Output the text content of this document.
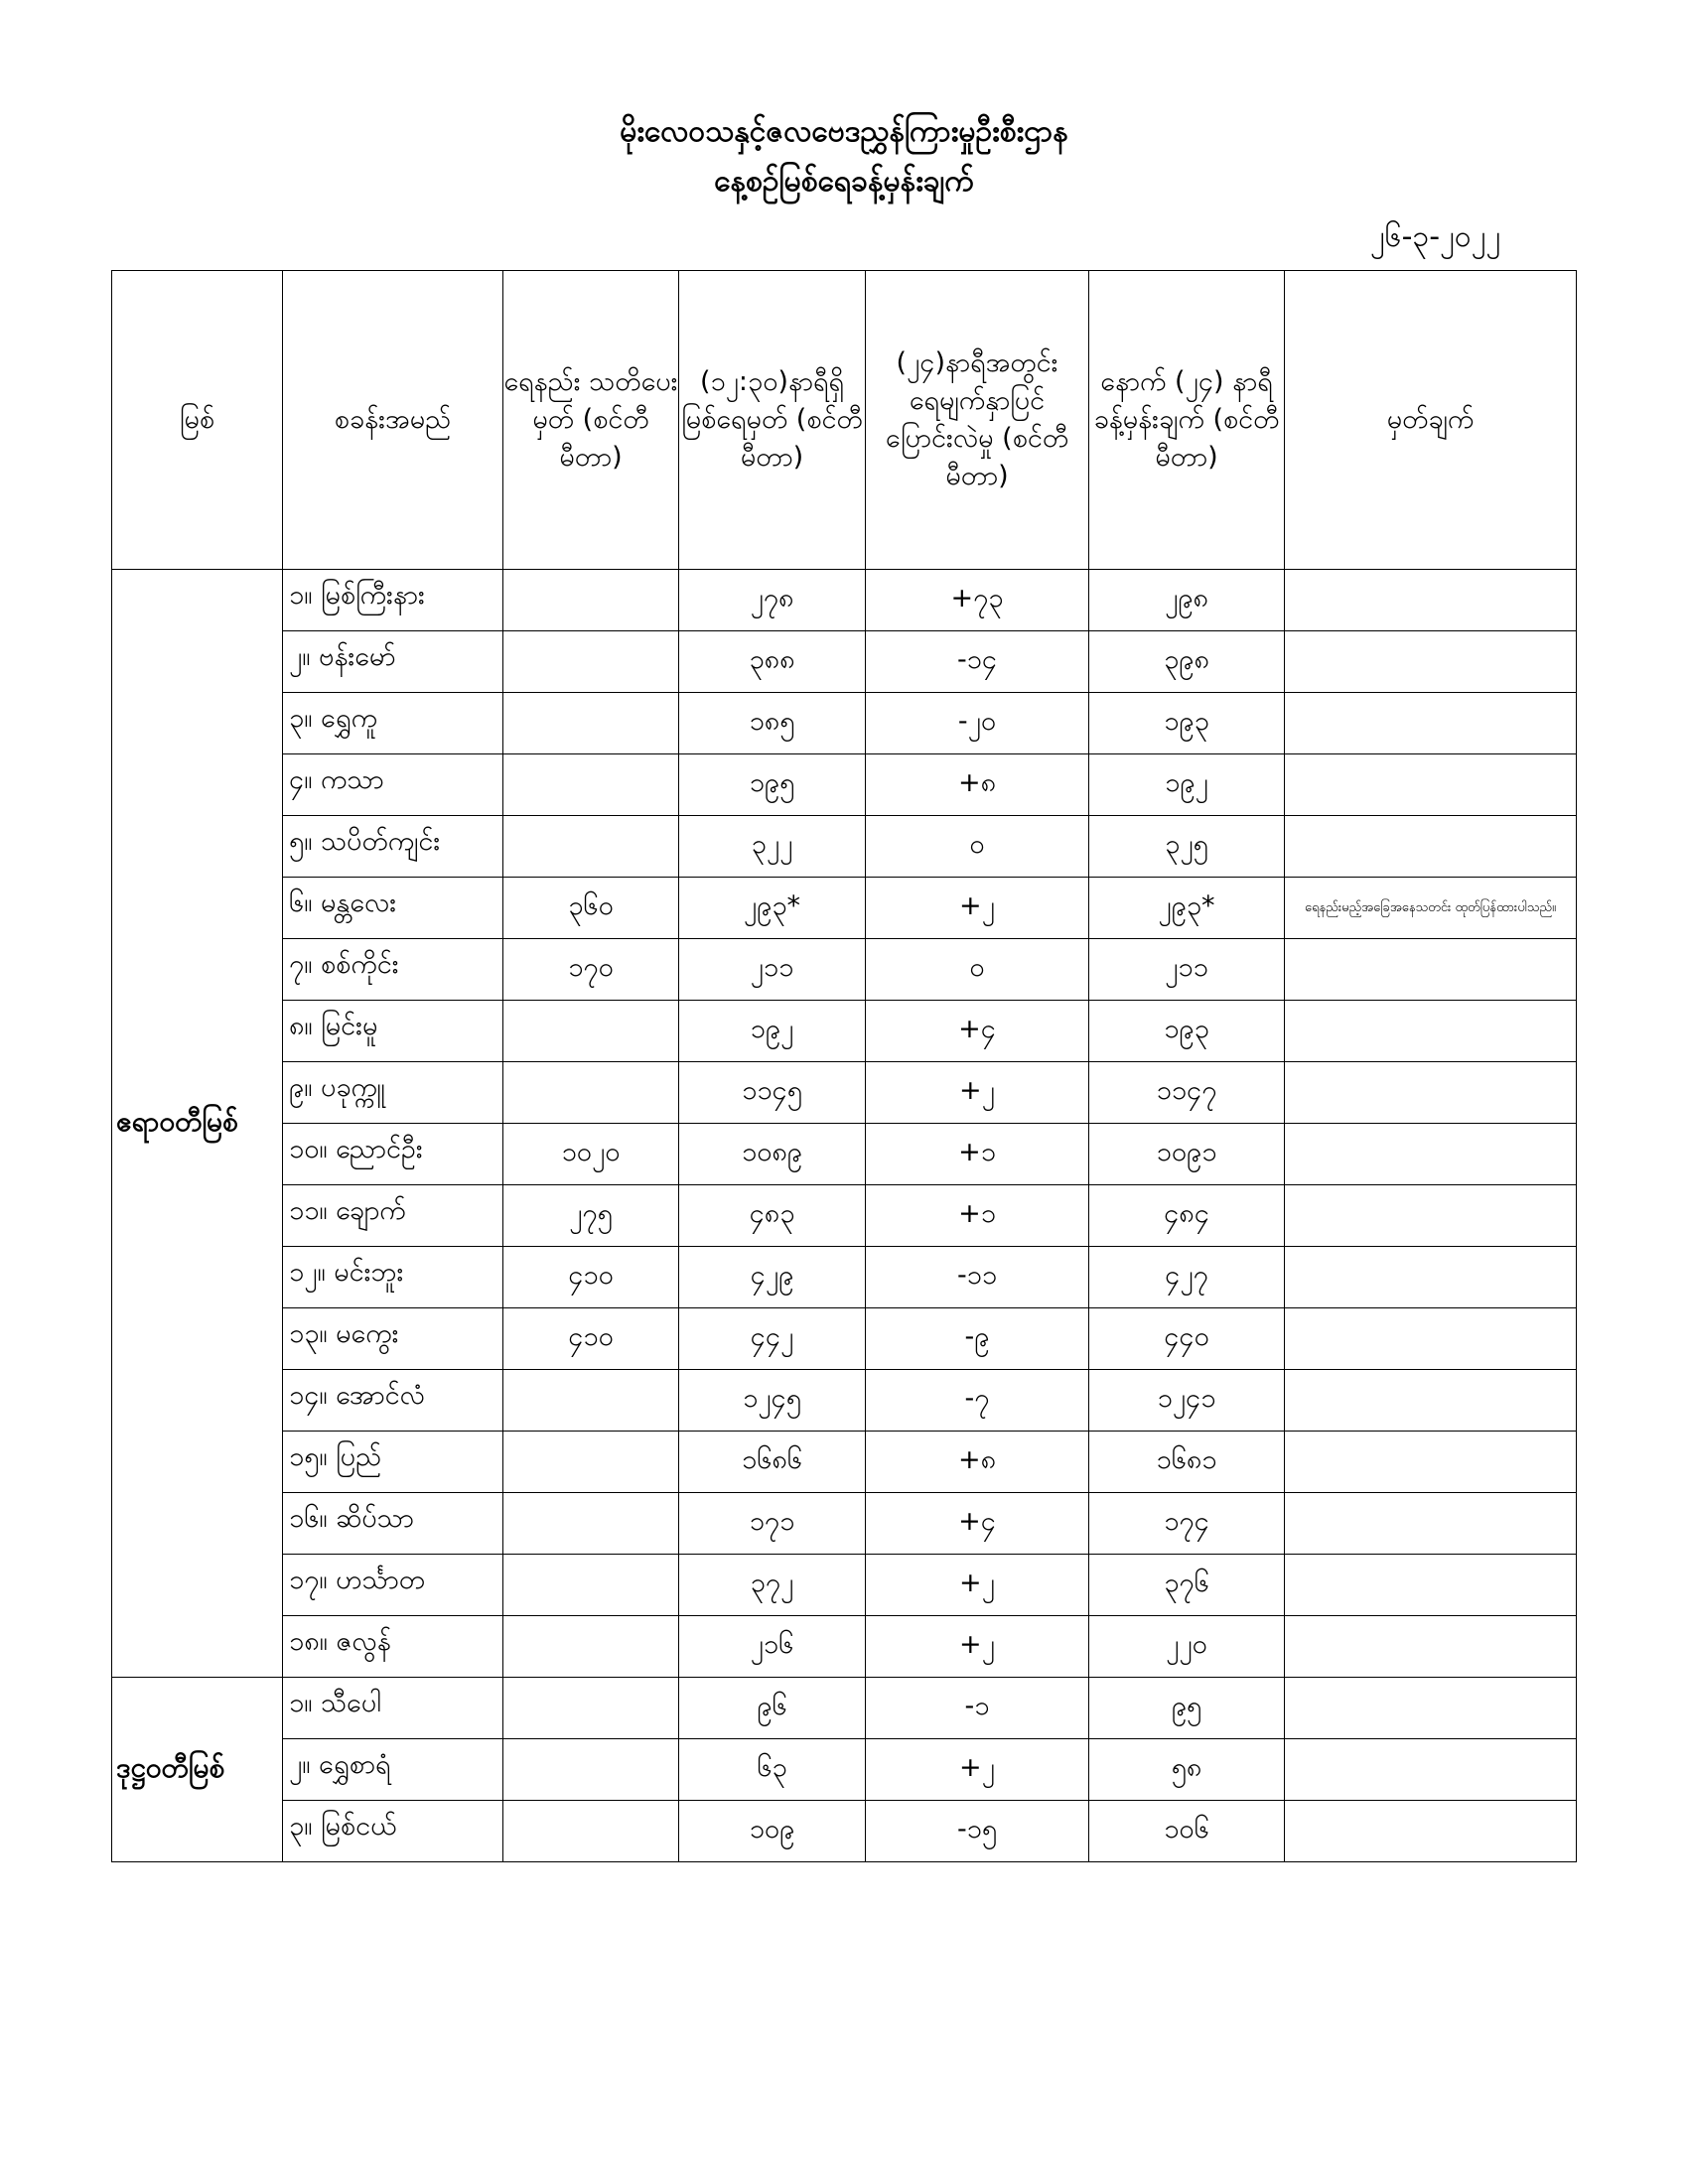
မိုးလေဝသနှင့်ဇလဗေဒညွှန်ကြားမှုဦးစီးဌာန
နေ့စဉ်မြစ်ရေခန့်မှန်းချက်
၂၆-၃-၂၀၂၂
မြစ်	စခန်းအမည်	ရေနည်း သတိပေးမှတ် (စင်တီမီတာ)	(၁၂:၃၀)နာရီရှိ မြစ်ရေမှတ် (စင်တီမီတာ)	(၂၄)နာရီအတွင်း ရေမျက်နှာပြင် ပြောင်းလဲမှု (စင်တီမီတာ)	နောက် (၂၄) နာရီ ခန့်မှန်းချက် (စင်တီမီတာ)	မှတ်ချက်
ဧရာဝတီမြစ်	၁။ မြစ်ကြီးနား		၂၇၈	+၇၃	၂၉၈	

	၂။ ဗန်းမော်		၃၈၈	-၁၄	၃၉၈	

	၃။ ရွှေကူ		၁၈၅	-၂၀	၁၉၃	

	၄။ ကသာ		၁၉၅	+၈	၁၉၂	

	၅။ သပိတ်ကျင်း		၃၂၂	၀	၃၂၅	

	၆။ မန္တလေး	၃၆၀	၂၉၃*	+၂	၂၉၃*	ရေနည်းမည့်အခြေအနေသတင်း ထုတ်ပြန်ထားပါသည်။

	၇။ စစ်ကိုင်း	၁၇၀	၂၁၁	၀	၂၁၁	

	၈။ မြင်းမူ		၁၉၂	+၄	၁၉၃	

	၉။ ပခုက္ကူ		၁၁၄၅	+၂	၁၁၄၇	

	၁၀။ ညောင်ဦး	၁၀၂၀	၁၀၈၉	+၁	၁၀၉၁	

	၁၁။ ချောက်	၂၇၅	၄၈၃	+၁	၄၈၄	

	၁၂။ မင်းဘူး	၄၁၀	၄၂၉	-၁၁	၄၂၇	

	၁၃။ မကွေး	၄၁၀	၄၄၂	-၉	၄၄၀	

	၁၄။ အောင်လံ		၁၂၄၅	-၇	၁၂၄၁	

	၁၅။ ပြည်		၁၆၈၆	+၈	၁၆၈၁	

	၁၆။ ဆိပ်သာ		၁၇၁	+၄	၁၇၄	

	၁၇။ ဟင်္သာတ		၃၇၂	+၂	၃၇၆	

	၁၈။ ဇလွန်		၂၁၆	+၂	၂၂၀	
ဒုဋ္ဌဝတီမြစ်	၁။ သီပေါ		၉၆	-၁	၉၅	

	၂။ ရွှေစာရံ		၆၃	+၂	၅၈	

	၃။ မြစ်ငယ်		၁၀၉	-၁၅	၁၀၆	
